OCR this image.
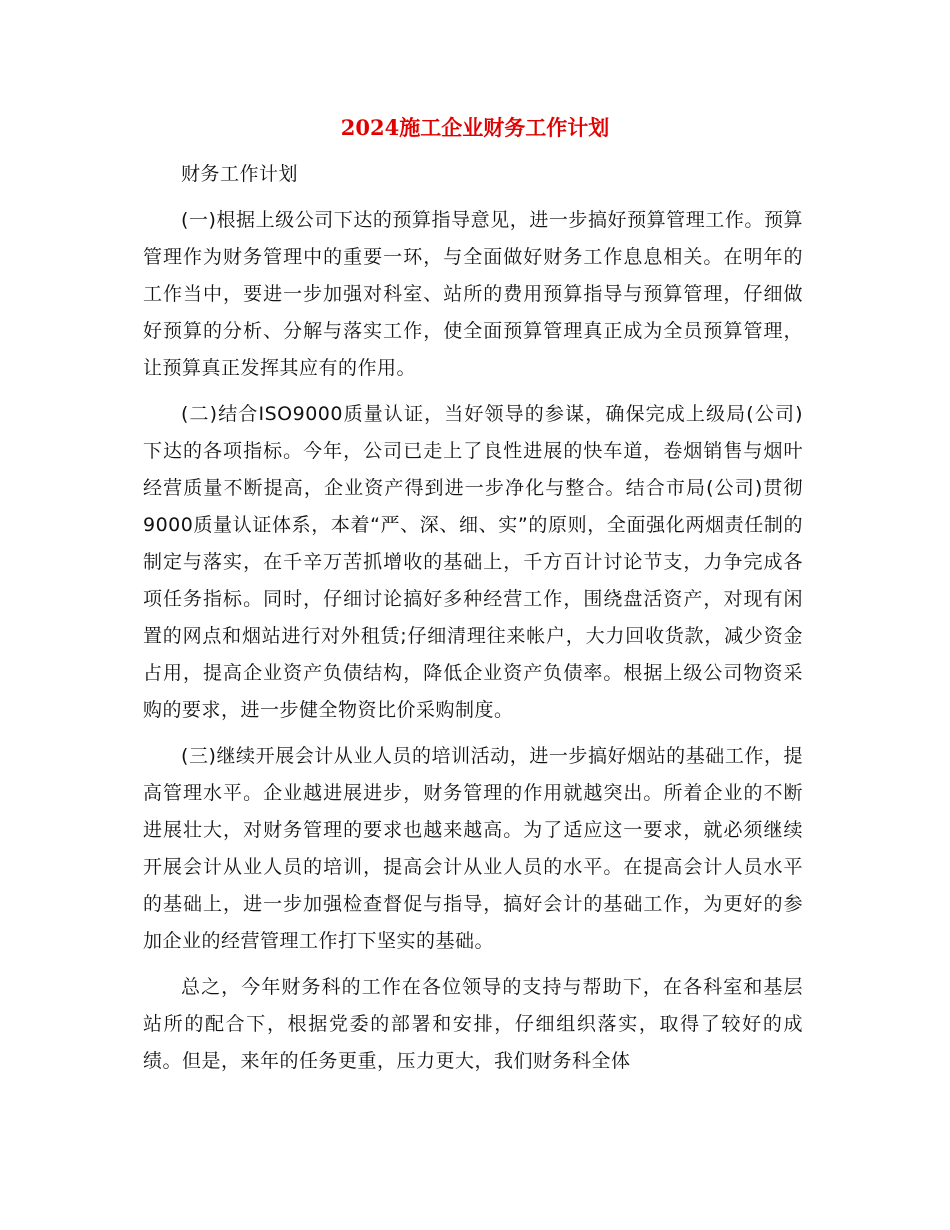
2024施工企业财务工作计划

财务工作计划

(一)根据上级公司下达的预算指导意见，进一步搞好预算管理工作。预算管理作为财务管理中的重要一环，与全面做好财务工作息息相关。在明年的工作当中，要进一步加强对科室、站所的费用预算指导与预算管理，仔细做好预算的分析、分解与落实工作，使全面预算管理真正成为全员预算管理，让预算真正发挥其应有的作用。

(二)结合ISO9000质量认证，当好领导的参谋，确保完成上级局(公司)下达的各项指标。今年，公司已走上了良性进展的快车道，卷烟销售与烟叶经营质量不断提高，企业资产得到进一步净化与整合。结合市局(公司)贯彻9000质量认证体系，本着“严、深、细、实”的原则，全面强化两烟责任制的制定与落实，在千辛万苦抓增收的基础上，千方百计讨论节支，力争完成各项任务指标。同时，仔细讨论搞好多种经营工作，围绕盘活资产，对现有闲置的网点和烟站进行对外租赁;仔细清理往来帐户，大力回收货款，减少资金占用，提高企业资产负债结构，降低企业资产负债率。根据上级公司物资采购的要求，进一步健全物资比价采购制度。

(三)继续开展会计从业人员的培训活动，进一步搞好烟站的基础工作，提高管理水平。企业越进展进步，财务管理的作用就越突出。所着企业的不断进展壮大，对财务管理的要求也越来越高。为了适应这一要求，就必须继续开展会计从业人员的培训，提高会计从业人员的水平。在提高会计人员水平的基础上，进一步加强检查督促与指导，搞好会计的基础工作，为更好的参加企业的经营管理工作打下坚实的基础。

总之，今年财务科的工作在各位领导的支持与帮助下，在各科室和基层站所的配合下，根据党委的部署和安排，仔细组织落实，取得了较好的成绩。但是，来年的任务更重，压力更大，我们财务科全体
